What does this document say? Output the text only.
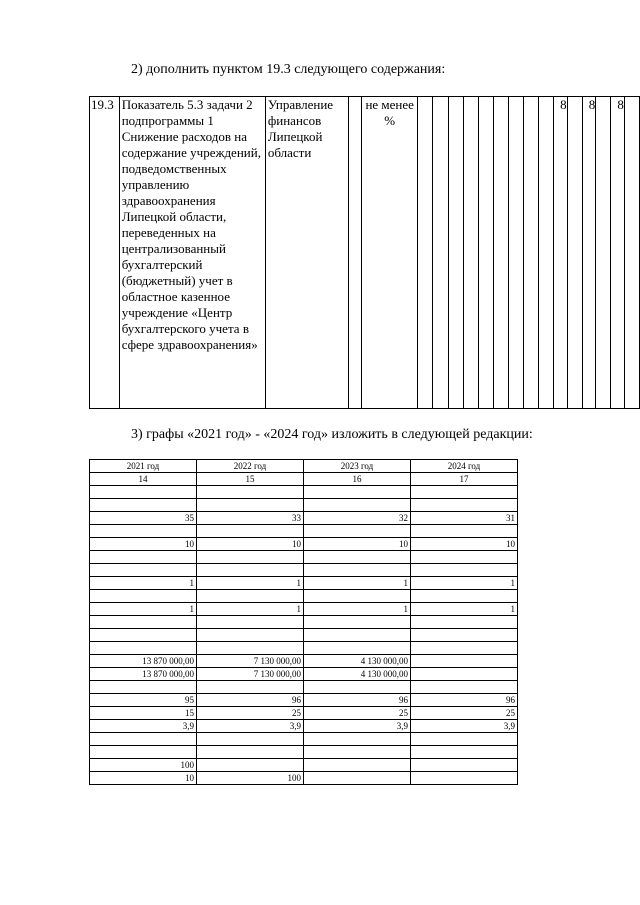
2) дополнить пунктом 19.3 следующего содержания:
19.3	Показатель 5.3 задачи 2 подпрограммы 1 Снижение расходов на содержание учреждений, подведомственных управлению здравоохранения Липецкой области, переведенных на централизованный бухгалтерский (бюджетный) учет в областное казенное учреждение «Центр бухгалтерского учета в сфере здравоохранения»	Управление финансов Липецкой области		не менее %										8		8		8	
3) графы «2021 год» - «2024 год» изложить в следующей редакции:
2021 год	2022 год	2023 год	2024 год
14	15	16	17

35	33	32	31

10	10	10	10

1	1	1	1

1	1	1	1

13 870 000,00	7 130 000,00	4 130 000,00	
13 870 000,00	7 130 000,00	4 130 000,00	

95	96	96	96
15	25	25	25
3,9	3,9	3,9	3,9

100			
10	100		
